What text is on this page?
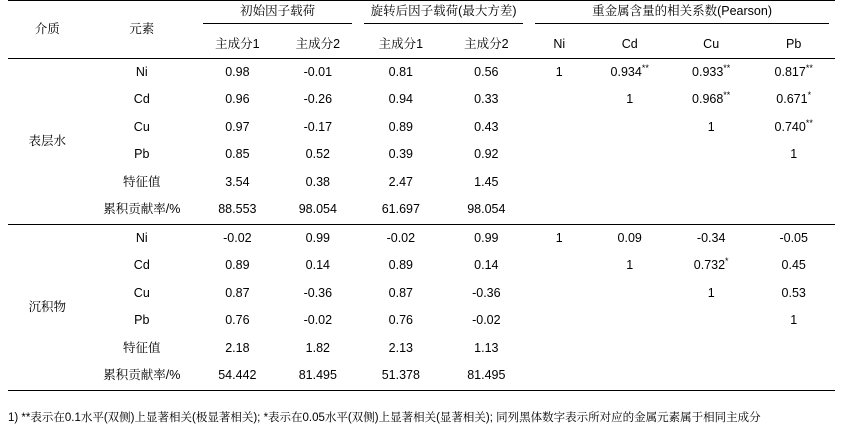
介质	元素	初始因子载荷		旋转后因子载荷(最大方差)		重金属含量的相关系数(Pearson)			

		主成分1	主成分2	主成分1	主成分2	Ni	Cd	Cu	Pb
表层水	Ni	0.98	-0.01	0.81	0.56	1	0.934**	0.933**	0.817**
	Cd	0.96	-0.26	0.94	0.33		1	0.968**	0.671*
	Cu	0.97	-0.17	0.89	0.43			1	0.740**
	Pb	0.85	0.52	0.39	0.92				1
	特征值	3.54	0.38	2.47	1.45				
	累积贡献率/%	88.553	98.054	61.697	98.054				
沉积物	Ni	-0.02	0.99	-0.02	0.99	1	0.09	-0.34	-0.05
	Cd	0.89	0.14	0.89	0.14		1	0.732*	0.45
	Cu	0.87	-0.36	0.87	-0.36			1	0.53
	Pb	0.76	-0.02	0.76	-0.02				1
	特征值	2.18	1.82	2.13	1.13				
	累积贡献率/%	54.442	81.495	51.378	81.495				

1) **表示在0.1水平(双侧)上显著相关(极显著相关); *表示在0.05水平(双侧)上显著相关(显著相关); 同列黑体数字表示所对应的金属元素属于相同主成分
